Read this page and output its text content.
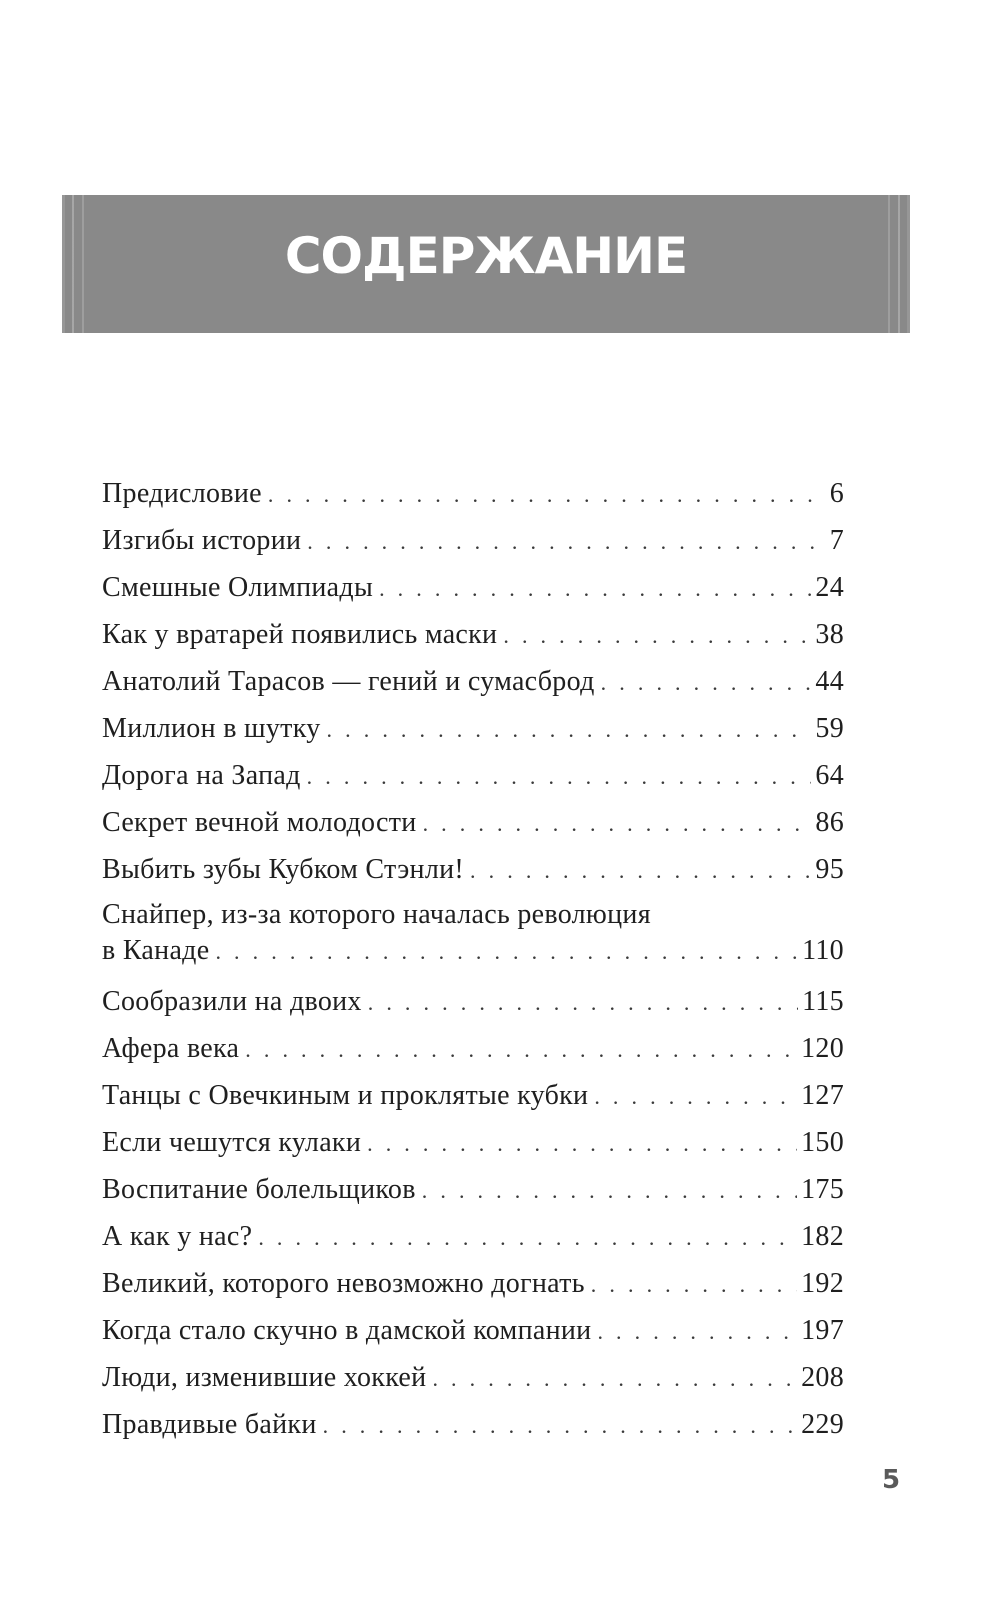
СОДЕРЖАНИЕ
Предисловие . . .	6
Изгибы истории . . .	7
Смешные Олимпиады . . .	24
Как у вратарей появились маски . . .	38
Анатолий Тарасов — гений и сумасброд . . .	44
Миллион в шутку . . .	59
Дорога на Запад . . .	64
Секрет вечной молодости . . .	86
Выбить зубы Кубком Стэнли! . . .	95
Снайпер, из-за которого началась революция
в Канаде . . .	110
Сообразили на двоих . . .	115
Афера века . . .	120
Танцы с Овечкиным и проклятые кубки . . .	127
Если чешутся кулаки . . .	150
Воспитание болельщиков . . .	175
А как у нас? . . .	182
Великий, которого невозможно догнать . . .	192
Когда стало скучно в дамской компании . . .	197
Люди, изменившие хоккей . . .	208
Правдивые байки . . .	229
5
